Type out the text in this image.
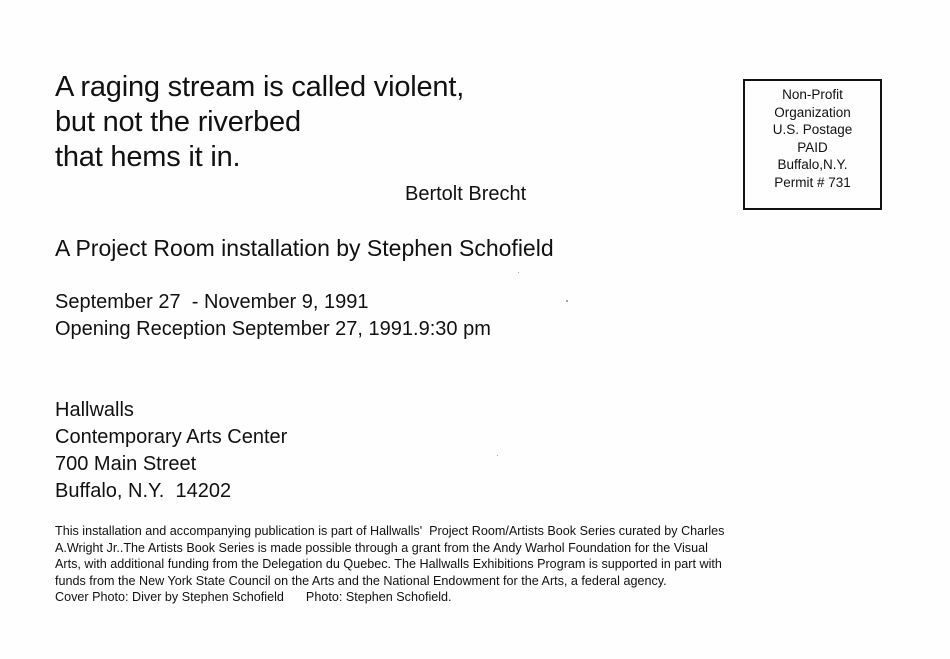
A raging stream is called violent,
but not the riverbed
that hems it in.
Bertolt Brecht
Non-Profit
Organization
U.S. Postage
PAID
Buffalo,N.Y.
Permit # 731
A Project Room installation by Stephen Schofield
September 27  - November 9, 1991
Opening Reception September 27, 1991.9:30 pm
Hallwalls
Contemporary Arts Center
700 Main Street
Buffalo, N.Y.  14202
This installation and accompanying publication is part of Hallwalls'  Project Room/Artists Book Series curated by Charles
A.Wright Jr..The Artists Book Series is made possible through a grant from the Andy Warhol Foundation for the Visual
Arts, with additional funding from the Delegation du Quebec. The Hallwalls Exhibitions Program is supported in part with
funds from the New York State Council on the Arts and the National Endowment for the Arts, a federal agency.
Cover Photo: Diver by Stephen Schofield Photo: Stephen Schofield.
